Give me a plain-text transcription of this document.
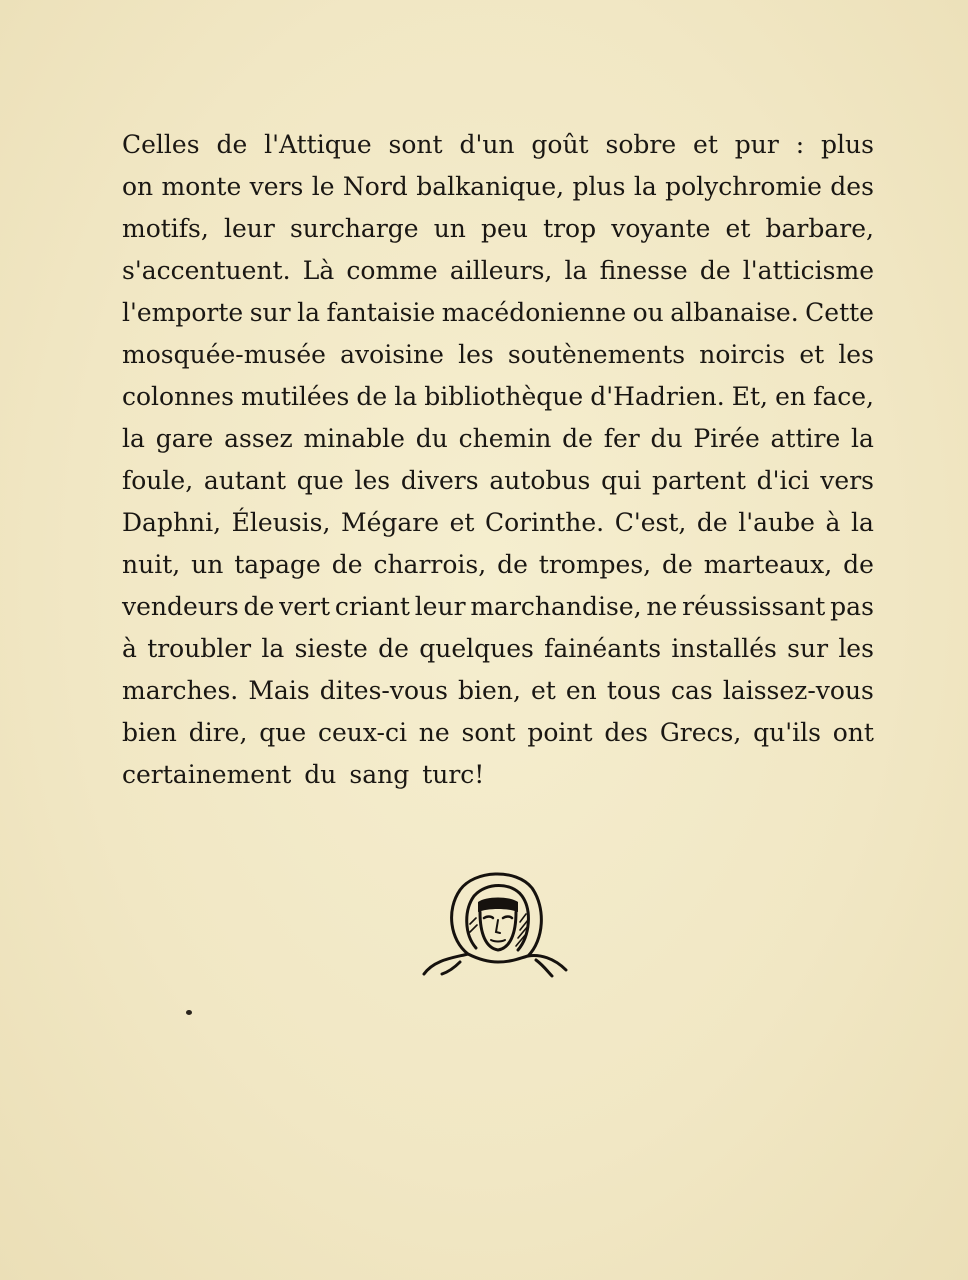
Celles de l'Attique sont d'un goût sobre et pur : plus
on monte vers le Nord balkanique, plus la polychromie des
motifs, leur surcharge un peu trop voyante et barbare,
s'accentuent. Là comme ailleurs, la finesse de l'atticisme
l'emporte sur la fantaisie macédonienne ou albanaise. Cette
mosquée-musée avoisine les soutènements noircis et les
colonnes mutilées de la bibliothèque d'Hadrien. Et, en face,
la gare assez minable du chemin de fer du Pirée attire la
foule, autant que les divers autobus qui partent d'ici vers
Daphni, Éleusis, Mégare et Corinthe. C'est, de l'aube à la
nuit, un tapage de charrois, de trompes, de marteaux, de
vendeurs de vert criant leur marchandise, ne réussissant pas
à troubler la sieste de quelques fainéants installés sur les
marches. Mais dites-vous bien, et en tous cas laissez-vous
bien dire, que ceux-ci ne sont point des Grecs, qu'ils ont
certainement du sang turc!
